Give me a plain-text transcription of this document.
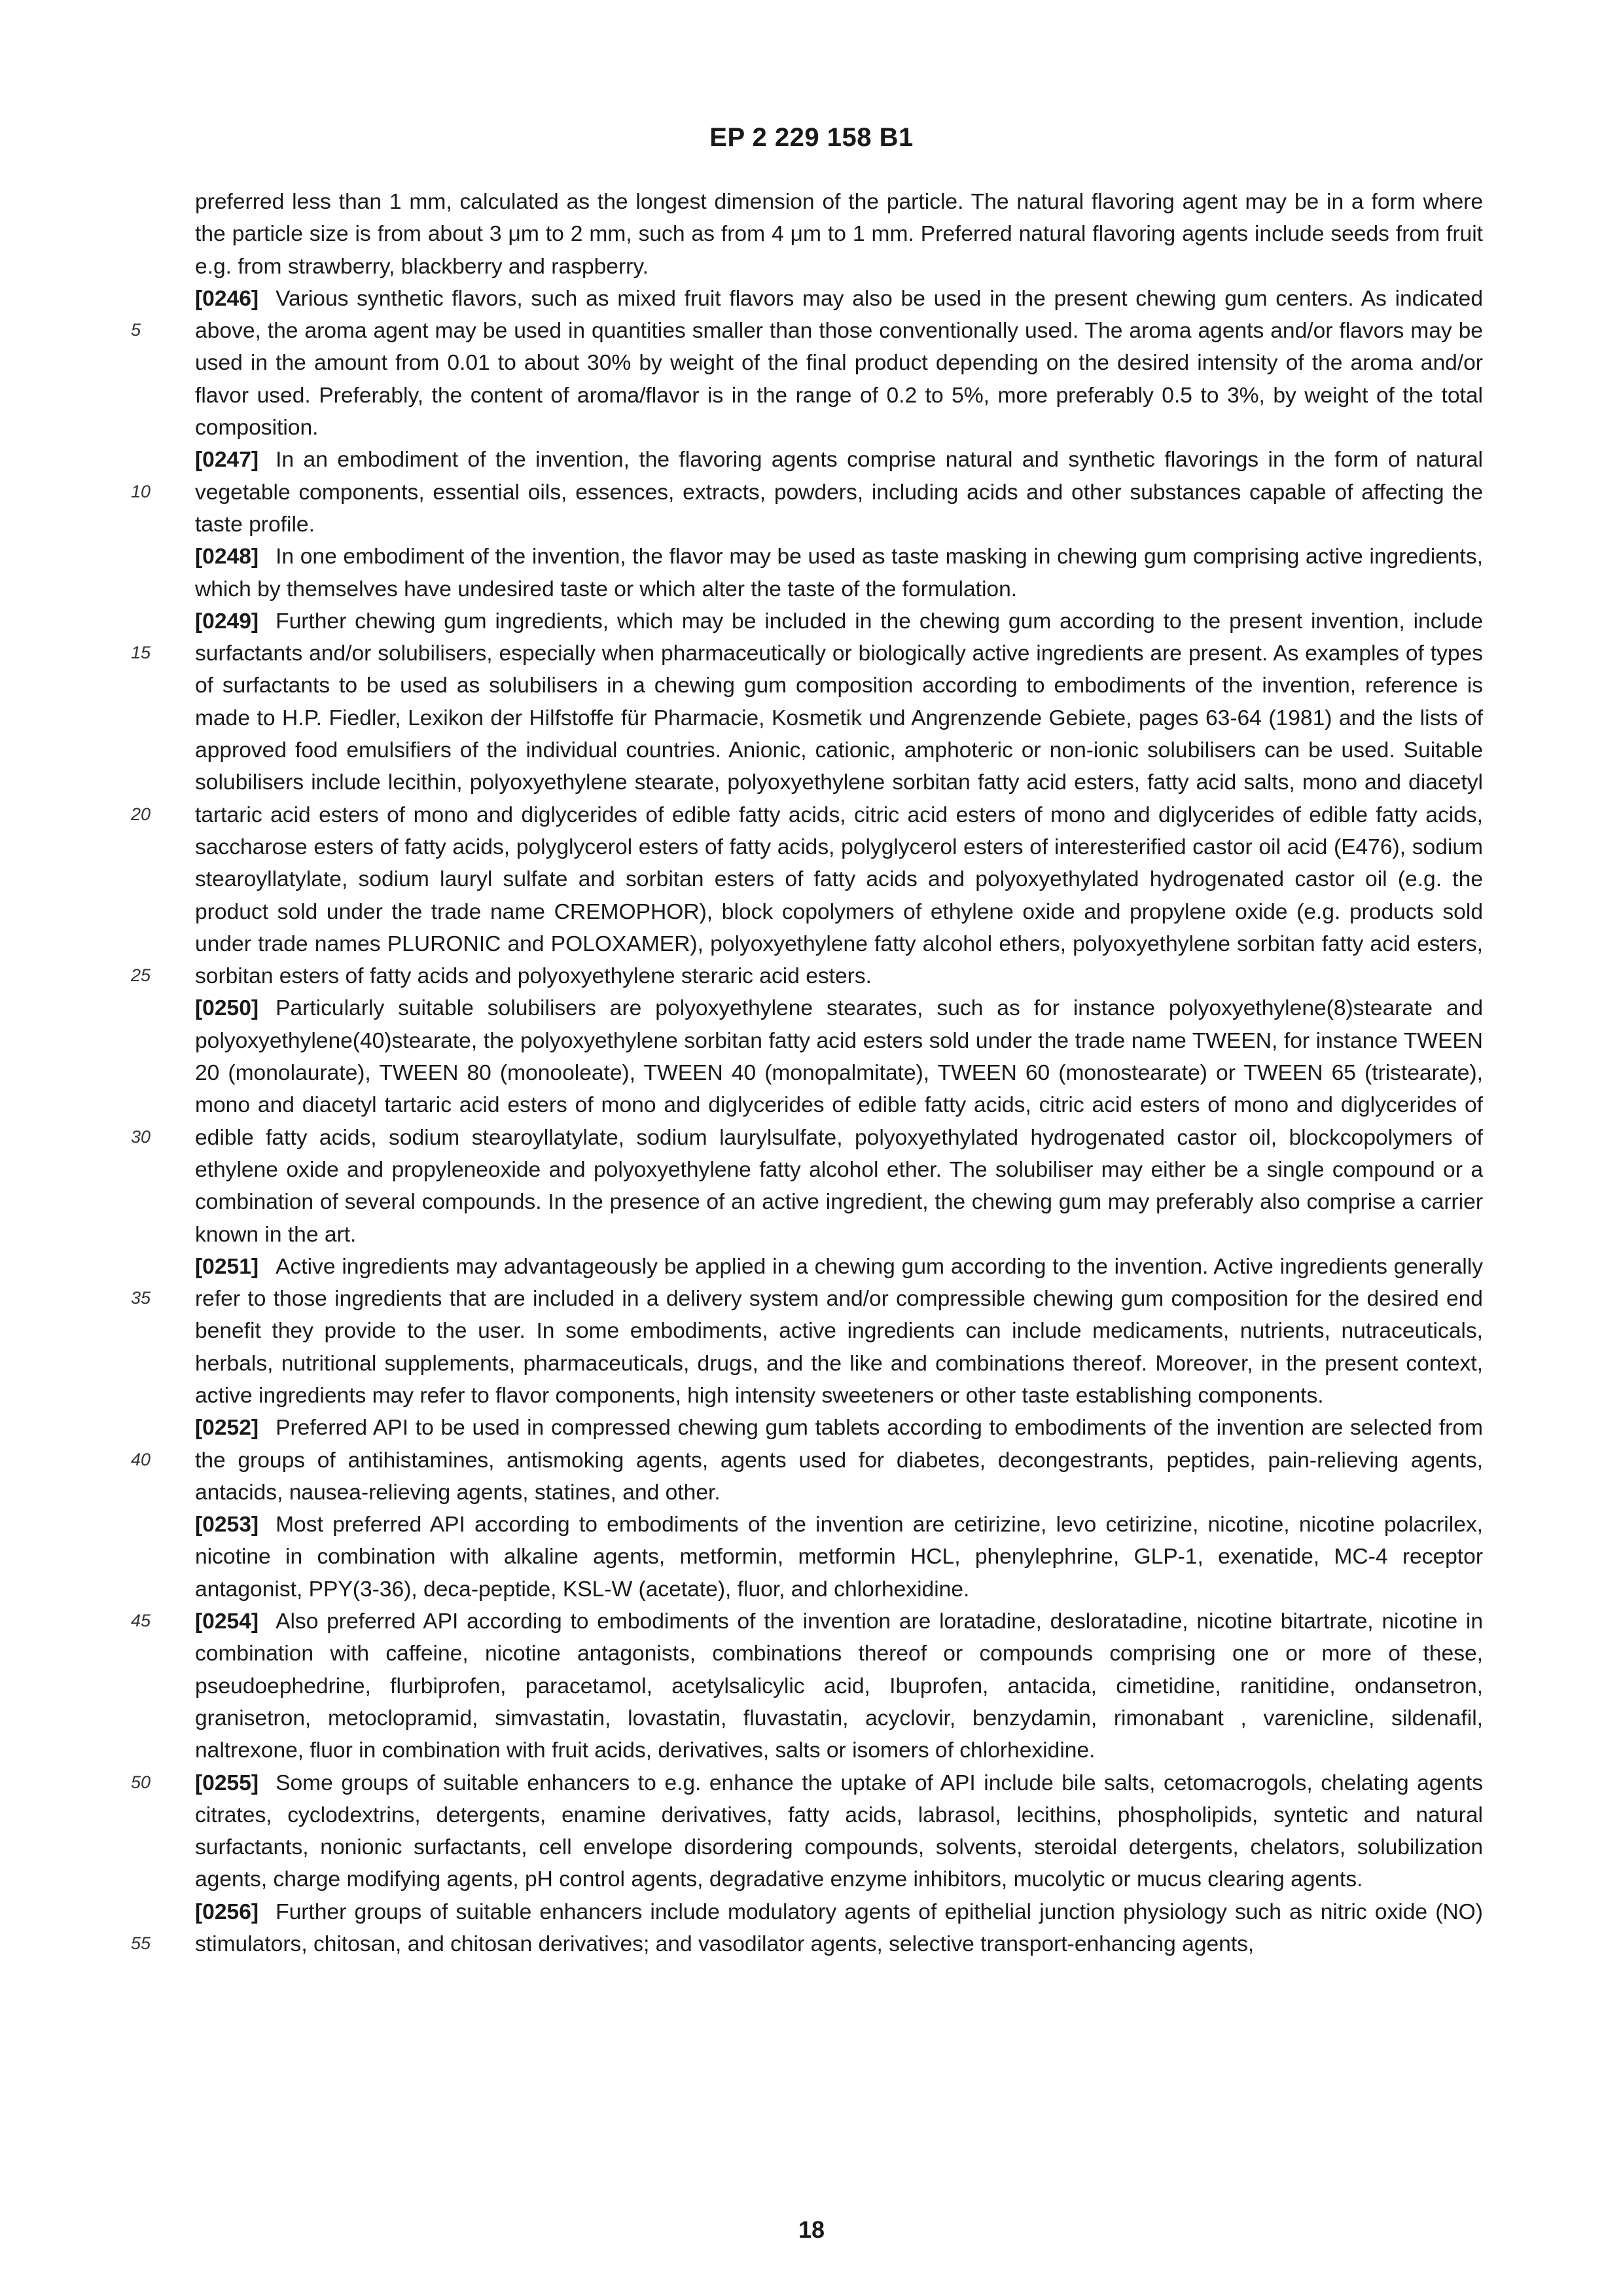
EP 2 229 158 B1
5
10
15
20
25
30
35
40
45
50
55

preferred less than 1 mm, calculated as the longest dimension of the particle. The natural flavoring agent may be in a form where the particle size is from about 3 μm to 2 mm, such as from 4 μm to 1 mm. Preferred natural flavoring agents include seeds from fruit e.g. from strawberry, blackberry and raspberry.

[0246] Various synthetic flavors, such as mixed fruit flavors may also be used in the present chewing gum centers. As indicated above, the aroma agent may be used in quantities smaller than those conventionally used. The aroma agents and/or flavors may be used in the amount from 0.01 to about 30% by weight of the final product depending on the desired intensity of the aroma and/or flavor used. Preferably, the content of aroma/flavor is in the range of 0.2 to 5%, more preferably 0.5 to 3%, by weight of the total composition.

[0247] In an embodiment of the invention, the flavoring agents comprise natural and synthetic flavorings in the form of natural vegetable components, essential oils, essences, extracts, powders, including acids and other substances capable of affecting the taste profile.

[0248] In one embodiment of the invention, the flavor may be used as taste masking in chewing gum comprising active ingredients, which by themselves have undesired taste or which alter the taste of the formulation.

[0249] Further chewing gum ingredients, which may be included in the chewing gum according to the present invention, include surfactants and/or solubilisers, especially when pharmaceutically or biologically active ingredients are present. As examples of types of surfactants to be used as solubilisers in a chewing gum composition according to embodiments of the invention, reference is made to H.P. Fiedler, Lexikon der Hilfstoffe für Pharmacie, Kosmetik und Angrenzende Gebiete, pages 63-64 (1981) and the lists of approved food emulsifiers of the individual countries. Anionic, cationic, amphoteric or non-ionic solubilisers can be used. Suitable solubilisers include lecithin, polyoxyethylene stearate, polyoxyethylene sorbitan fatty acid esters, fatty acid salts, mono and diacetyl tartaric acid esters of mono and diglycerides of edible fatty acids, citric acid esters of mono and diglycerides of edible fatty acids, saccharose esters of fatty acids, polyglycerol esters of fatty acids, polyglycerol esters of interesterified castor oil acid (E476), sodium stearoyllatylate, sodium lauryl sulfate and sorbitan esters of fatty acids and polyoxyethylated hydrogenated castor oil (e.g. the product sold under the trade name CREMOPHOR), block copolymers of ethylene oxide and propylene oxide (e.g. products sold under trade names PLURONIC and POLOXAMER), polyoxyethylene fatty alcohol ethers, polyoxyethylene sorbitan fatty acid esters, sorbitan esters of fatty acids and polyoxyethylene steraric acid esters.

[0250] Particularly suitable solubilisers are polyoxyethylene stearates, such as for instance polyoxyethylene(8)stearate and polyoxyethylene(40)stearate, the polyoxyethylene sorbitan fatty acid esters sold under the trade name TWEEN, for instance TWEEN 20 (monolaurate), TWEEN 80 (monooleate), TWEEN 40 (monopalmitate), TWEEN 60 (monostearate) or TWEEN 65 (tristearate), mono and diacetyl tartaric acid esters of mono and diglycerides of edible fatty acids, citric acid esters of mono and diglycerides of edible fatty acids, sodium stearoyllatylate, sodium laurylsulfate, polyoxyethylated hydrogenated castor oil, blockcopolymers of ethylene oxide and propyleneoxide and polyoxyethylene fatty alcohol ether. The solubiliser may either be a single compound or a combination of several compounds. In the presence of an active ingredient, the chewing gum may preferably also comprise a carrier known in the art.

[0251] Active ingredients may advantageously be applied in a chewing gum according to the invention. Active ingredients generally refer to those ingredients that are included in a delivery system and/or compressible chewing gum composition for the desired end benefit they provide to the user. In some embodiments, active ingredients can include medicaments, nutrients, nutraceuticals, herbals, nutritional supplements, pharmaceuticals, drugs, and the like and combinations thereof. Moreover, in the present context, active ingredients may refer to flavor components, high intensity sweeteners or other taste establishing components.

[0252] Preferred API to be used in compressed chewing gum tablets according to embodiments of the invention are selected from the groups of antihistamines, antismoking agents, agents used for diabetes, decongestrants, peptides, pain-relieving agents, antacids, nausea-relieving agents, statines, and other.

[0253] Most preferred API according to embodiments of the invention are cetirizine, levo cetirizine, nicotine, nicotine polacrilex, nicotine in combination with alkaline agents, metformin, metformin HCL, phenylephrine, GLP-1, exenatide, MC-4 receptor antagonist, PPY(3-36), deca-peptide, KSL-W (acetate), fluor, and chlorhexidine.

[0254] Also preferred API according to embodiments of the invention are loratadine, desloratadine, nicotine bitartrate, nicotine in combination with caffeine, nicotine antagonists, combinations thereof or compounds comprising one or more of these, pseudoephedrine, flurbiprofen, paracetamol, acetylsalicylic acid, Ibuprofen, antacida, cimetidine, ranitidine, ondansetron, granisetron, metoclopramid, simvastatin, lovastatin, fluvastatin, acyclovir, benzydamin, rimonabant , varenicline, sildenafil, naltrexone, fluor in combination with fruit acids, derivatives, salts or isomers of chlorhexidine.

[0255] Some groups of suitable enhancers to e.g. enhance the uptake of API include bile salts, cetomacrogols, chelating agents citrates, cyclodextrins, detergents, enamine derivatives, fatty acids, labrasol, lecithins, phospholipids, syntetic and natural surfactants, nonionic surfactants, cell envelope disordering compounds, solvents, steroidal detergents, chelators, solubilization agents, charge modifying agents, pH control agents, degradative enzyme inhibitors, mucolytic or mucus clearing agents.

[0256] Further groups of suitable enhancers include modulatory agents of epithelial junction physiology such as nitric oxide (NO) stimulators, chitosan, and chitosan derivatives; and vasodilator agents, selective transport-enhancing agents,

18
